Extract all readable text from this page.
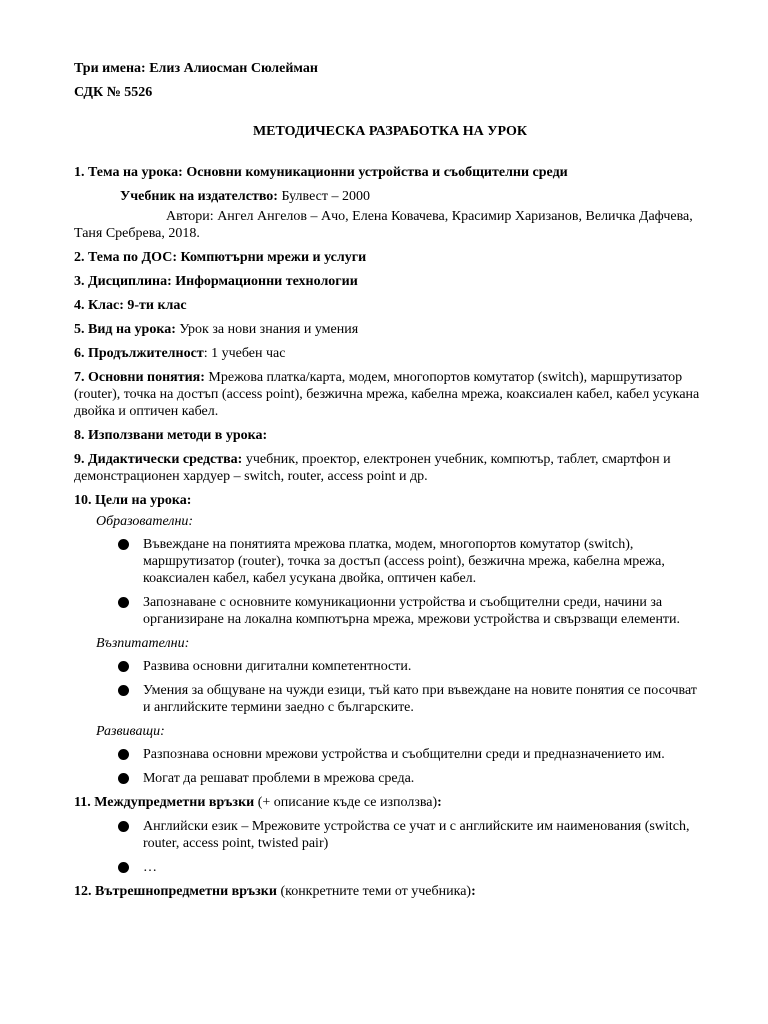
Три имена: Елиз Алиосман Сюлейман

СДК № 5526

МЕТОДИЧЕСКА РАЗРАБОТКА НА УРОК

1. Тема на урока: Основни комуникационни устройства и съобщителни среди

Учебник на издателство: Булвест – 2000

Автори: Ангел Ангелов – Ачо, Елена Ковачева, Красимир Харизанов, Величка Дафчева, Таня Сребрева, 2018.

2. Тема по ДОС: Компютърни мрежи и услуги

3. Дисциплина: Информационни технологии

4. Клас: 9-ти клас

5. Вид на урока: Урок за нови знания и умения

6. Продължителност: 1 учебен час

7. Основни понятия: Мрежова платка/карта, модем, многопортов комутатор (switch), маршрутизатор (router), точка на достъп (access point), безжична мрежа, кабелна мрежа, коаксиален кабел, кабел усукана двойка и оптичен кабел.

8. Използвани методи в урока:

9. Дидактически средства: учебник, проектор, електронен учебник, компютър, таблет, смартфон и демонстрационен хардуер – switch, router, access point и др.

10. Цели на урока:

Образователни:

Въвеждане на понятията мрежова платка, модем, многопортов комутатор (switch), маршрутизатор (router), точка за достъп (access point), безжична мрежа, кабелна мрежа, коаксиален кабел, кабел усукана двойка, оптичен кабел.
Запознаване с основните комуникационни устройства и съобщителни среди, начини за организиране на локална компютърна мрежа, мрежови устройства и свързващи елементи.

Възпитателни:

Развива основни дигитални компетентности.
Умения за общуване на чужди езици, тъй като при въвеждане на новите понятия се посочват и английските термини заедно с българските.

Развиващи:

Разпознава основни мрежови устройства и съобщителни среди и предназначението им.
Могат да решават проблеми в мрежова среда.

11. Междупредметни връзки (+ описание къде се използва):

Английски език – Мрежовите устройства се учат и с английските им наименования (switch, router, access point, twisted pair)
…

12. Вътрешнопредметни връзки (конкретните теми от учебника):
